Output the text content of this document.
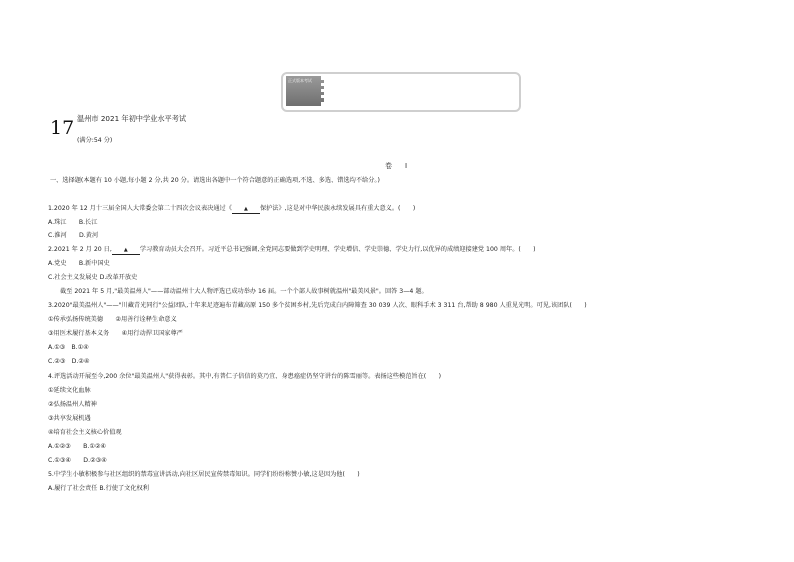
正式版本考试
17 温州市 2021 年初中学业水平考试
(满分:54 分)
卷　Ⅰ
一、选择题(本题有 10 小题,每小题 2 分,共 20 分。请选出各题中一个符合题意的正确选项,不选、多选、错选均不给分。)
1.2020 年 12 月十三届全国人大常委会第二十四次会议表决通过《 ▲ 保护法》,这是对中华民族永续发展具有重大意义。(　　)
A.珠江　　B.长江
C.淮河　　D.黄河
2.2021 年 2 月 20 日, ▲ 学习教育动员大会召开。习近平总书记强调,全党同志要做到学史明理、学史增信、学史崇德、学史力行,以优异的成绩迎接建党 100 周年。(　　)
A.党史　　B.新中国史
C.社会主义发展史 D.改革开放史
截至 2021 年 5 月,"最美温州人"——部动温州十大人物评选已成功举办 16 届。一个个部人故事树就温州"最美风景"。回答 3—4 题。
3.2020"最美温州人"——"川藏青光同行"公益团队,十年来足迹遍布青藏高原 150 多个贫困乡村,先后完成白内障筛查 30 039 人次、眼科手术 3 311 台,帮助 8 980 人重见光明。可见,该团队(　　)
①传承弘扬传统美德　　②用善行诠释生命意义
③用医术履行基本义务　　④用行动捍卫国家尊严
A.①③　B.①④
C.②③　D.②④
4.评选活动开展至今,200 余位"最美温州人"获得表彰。其中,有普仁子信信的莫乃宜、身患癌症仍坚守讲台的陈雪丽等。表扬这些模范旨在(　　)
①延续文化血脉
②弘扬温州人精神
③共享发展机遇
④培育社会主义核心价值观
A.①②③　　B.①②④
C.①③④　　D.②③④
5.中学生小敏积极参与社区组织的禁毒宣讲活动,向社区居民宣传禁毒知识。同学们纷纷称赞小敏,这是因为他(　　)
A.履行了社会责任 B.行使了文化权利
